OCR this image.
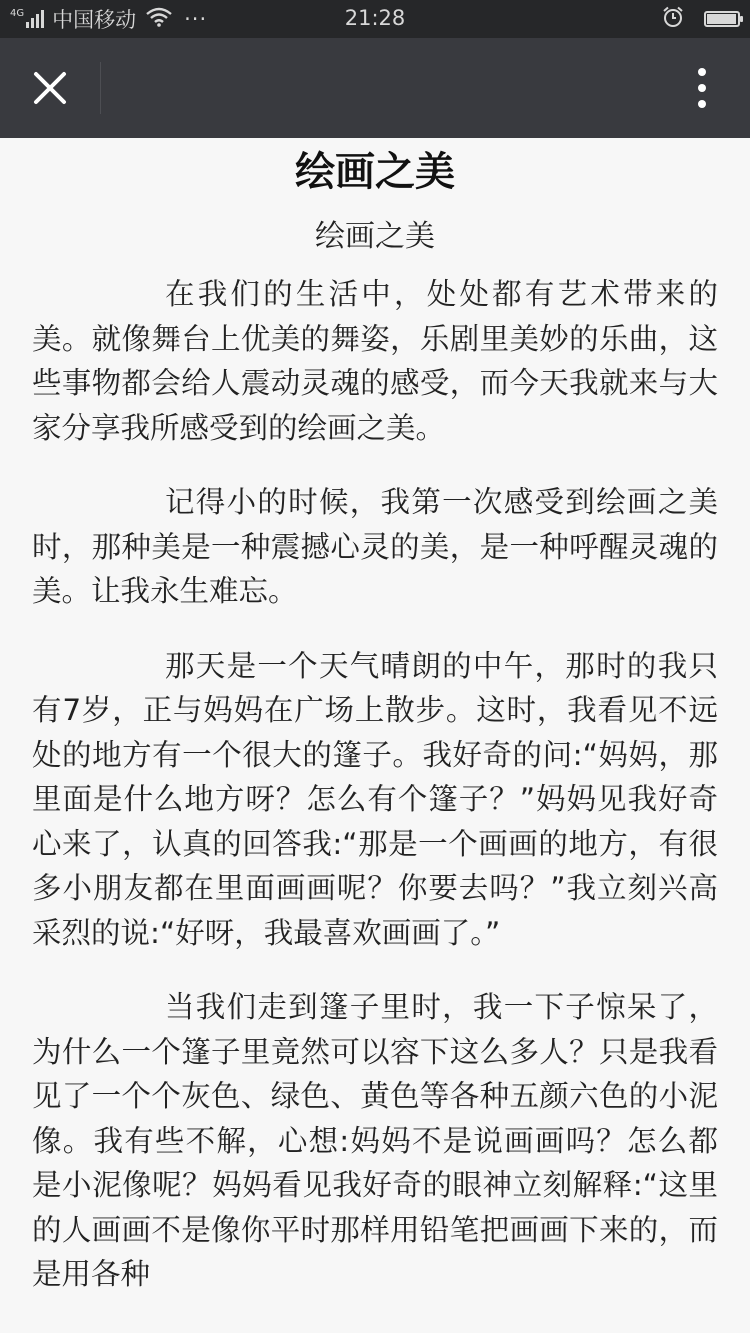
4G 中国移动 ···	21:28
绘画之美
绘画之美

在我们的生活中，处处都有艺术带来的美。就像舞台上优美的舞姿，乐剧里美妙的乐曲，这些事物都会给人震动灵魂的感受，而今天我就来与大家分享我所感受到的绘画之美。

记得小的时候，我第一次感受到绘画之美时，那种美是一种震撼心灵的美，是一种呼醒灵魂的美。让我永生难忘。

那天是一个天气晴朗的中午，那时的我只有7岁，正与妈妈在广场上散步。这时，我看见不远处的地方有一个很大的篷子。我好奇的问:“妈妈，那里面是什么地方呀？怎么有个篷子？”妈妈见我好奇心来了，认真的回答我:“那是一个画画的地方，有很多小朋友都在里面画画呢？你要去吗？”我立刻兴高采烈的说:“好呀，我最喜欢画画了。”

当我们走到篷子里时，我一下子惊呆了，为什么一个篷子里竟然可以容下这么多人？只是我看见了一个个灰色、绿色、黄色等各种五颜六色的小泥像。我有些不解，心想:妈妈不是说画画吗？怎么都是小泥像呢？妈妈看见我好奇的眼神立刻解释:“这里的人画画不是像你平时那样用铅笔把画画下来的，而是用各种
